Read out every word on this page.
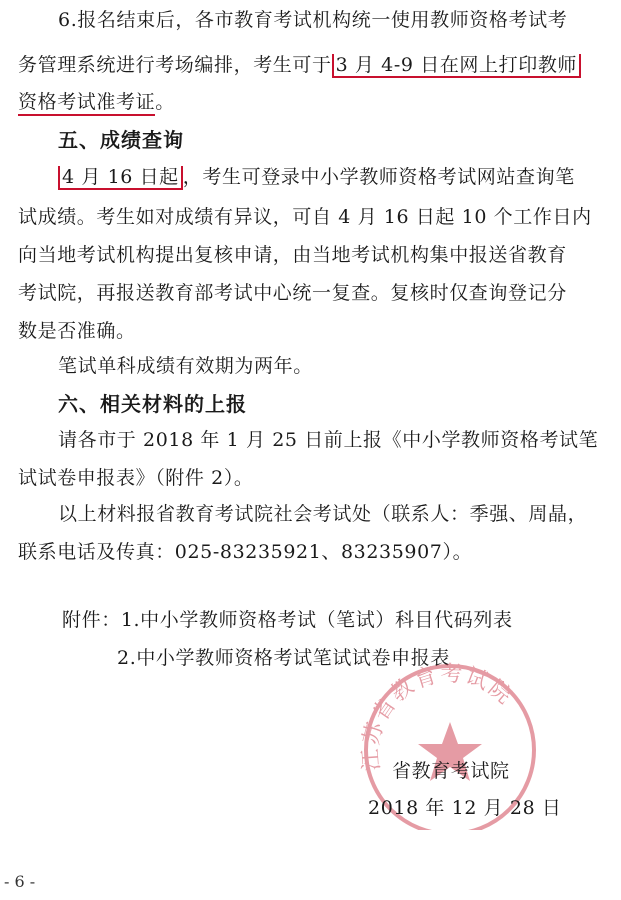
6.报名结束后，各市教育考试机构统一使用教师资格考试考
务管理系统进行考场编排，考生可于 3 月 4-9 日在网上打印教师
资格考试准考证。
五、成绩查询
4 月 16 日起 ，考生可登录中小学教师资格考试网站查询笔
试成绩。考生如对成绩有异议，可自 4 月 16 日起 10 个工作日内
向当地考试机构提出复核申请，由当地考试机构集中报送省教育
考试院，再报送教育部考试中心统一复查。复核时仅查询登记分
数是否准确。
笔试单科成绩有效期为两年。
六、相关材料的上报
请各市于 2018 年 1 月 25 日前上报《中小学教师资格考试笔
试试卷申报表》（附件 2）。
以上材料报省教育考试院社会考试处（联系人：季强、周晶，
联系电话及传真：025-83235921、83235907）。
附件：1.中小学教师资格考试（笔试）科目代码列表
2.中小学教师资格考试笔试试卷申报表
江苏省教育考试院
省教育考试院
2018 年 12 月 28 日
- 6 -
